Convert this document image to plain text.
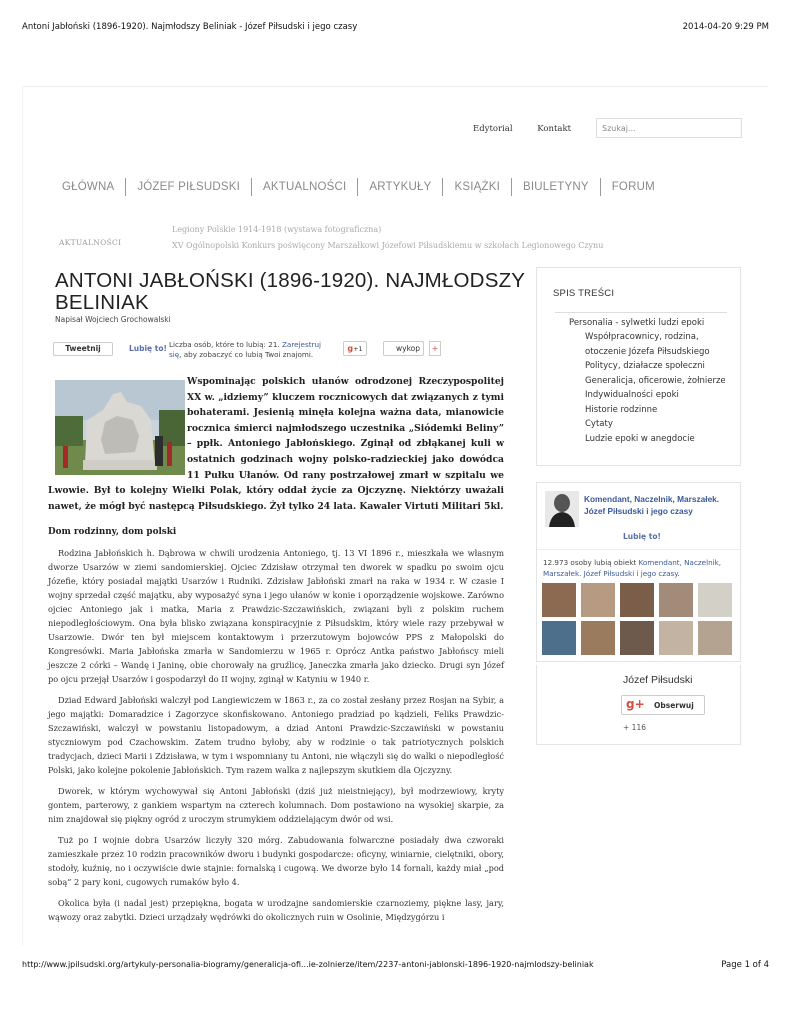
Antoni Jabłoński (1896-1920). Najmłodszy Beliniak - Józef Piłsudski i jego czasy	2014-04-20 9:29 PM
Edytorial	Kontakt	Szukaj...
GŁÓWNA	JÓZEF PIŁSUDSKI	AKTUALNOŚCI	ARTYKUŁY	KSIĄŻKI	BIULETYNY	FORUM
AKTUALNOŚCI
Legiony Polskie 1914-1918 (wystawa fotograficzna)
XV Ogólnopolski Konkurs poświęcony Marszałkowi Józefowi Piłsudskiemu w szkołach Legionowego Czynu
ANTONI JABŁOŃSKI (1896-1920). NAJMŁODSZY BELINIAK
Napisał Wojciech Grochowalski
Tweetnij	Lubię to! Liczba osób, które to lubią: 21. Zarejestruj się, aby zobaczyć co lubią Twoi znajomi.
g+1	wykop	+

Wspominając polskich ułanów odrodzonej Rzeczypospolitej XX w. „idziemy” kluczem rocznicowych dat związanych z tymi bohaterami. Jesienią minęła kolejna ważna data, mianowicie rocznica śmierci najmłodszego uczestnika „Siódemki Beliny” – ppłk. Antoniego Jabłońskiego. Zginął od zbłąkanej kuli w ostatnich godzinach wojny polsko-radzieckiej jako dowódca 11 Pułku Ułanów. Od rany postrzałowej zmarł w szpitalu we Lwowie. Był to kolejny Wielki Polak, który oddał życie za Ojczyznę. Niektórzy uważali nawet, że mógł być następcą Piłsudskiego. Żył tylko 24 lata. Kawaler Virtuti Militari 5kl.

Dom rodzinny, dom polski

Rodzina Jabłońskich h. Dąbrowa w chwili urodzenia Antoniego, tj. 13 VI 1896 r., mieszkała we własnym dworze Usarzów w ziemi sandomierskiej. Ojciec Zdzisław otrzymał ten dworek w spadku po swoim ojcu Józefie, który posiadał majątki Usarzów i Rudniki. Zdzisław Jabłoński zmarł na raka w 1934 r. W czasie I wojny sprzedał część majątku, aby wyposażyć syna i jego ułanów w konie i oporządzenie wojskowe. Zarówno ojciec Antoniego jak i matka, Maria z Prawdzic-Szczawińskich, związani byli z polskim ruchem niepodległościowym. Ona była blisko związana konspiracyjnie z Piłsudskim, który wiele razy przebywał w Usarzowie. Dwór ten był miejscem kontaktowym i przerzutowym bojowców PPS z Małopolski do Kongresówki. Maria Jabłońska zmarła w Sandomierzu w 1965 r. Oprócz Antka państwo Jabłońscy mieli jeszcze 2 córki – Wandę i Janinę, obie chorowały na gruźlicę, Janeczka zmarła jako dziecko. Drugi syn Józef po ojcu przejął Usarzów i gospodarzył do II wojny, zginął w Katyniu w 1940 r.

Dziad Edward Jabłoński walczył pod Langiewiczem w 1863 r., za co został zesłany przez Rosjan na Sybir, a jego majątki: Domaradzice i Zagorzyce skonfiskowano. Antoniego pradziad po kądzieli, Feliks Prawdzic-Szczawiński, walczył w powstaniu listopadowym, a dziad Antoni Prawdzic-Szczawiński w powstaniu styczniowym pod Czachowskim. Zatem trudno byłoby, aby w rodzinie o tak patriotycznych polskich tradycjach, dzieci Marii i Zdzisława, w tym i wspomniany tu Antoni, nie włączyli się do walki o niepodległość Polski, jako kolejne pokolenie Jabłońskich. Tym razem walka z najlepszym skutkiem dla Ojczyzny.

Dworek, w którym wychowywał się Antoni Jabłoński (dziś już nieistniejący), był modrzewiowy, kryty gontem, parterowy, z gankiem wspartym na czterech kolumnach. Dom postawiono na wysokiej skarpie, za nim znajdował się piękny ogród z uroczym strumykiem oddzielającym dwór od wsi.

Tuż po I wojnie dobra Usarzów liczyły 320 mórg. Zabudowania folwarczne posiadały dwa czworaki zamieszkałe przez 10 rodzin pracowników dworu i budynki gospodarcze: oficyny, winiarnie, cielętniki, obory, stodoły, kuźnię, no i oczywiście dwie stajnie: fornalską i cugową. We dworze było 14 fornali, każdy miał „pod sobą” 2 pary koni, cugowych rumaków było 4.

Okolica była (i nadal jest) przepiękna, bogata w urodzajne sandomierskie czarnoziemy, piękne lasy, jary, wąwozy oraz zabytki. Dzieci urządzały wędrówki do okolicznych ruin w Osolinie, Międzygórzu i

SPIS TREŚCI
Personalia - sylwetki ludzi epoki
Współpracownicy, rodzina, otoczenie Józefa Piłsudskiego
Politycy, działacze społeczni
Generalicja, oficerowie, żołnierze
Indywidualności epoki
Historie rodzinne
Cytaty
Ludzie epoki w anegdocie
Komendant, Naczelnik, Marszałek. Józef Piłsudski i jego czasy
Lubię to!
12.973 osoby lubią obiekt Komendant, Naczelnik, Marszałek. Józef Piłsudski i jego czasy.
Józef Piłsudski
g+ Obserwuj
+ 116
http://www.jpilsudski.org/artykuly-personalia-biogramy/generalicja-ofi...ie-zolnierze/item/2237-antoni-jablonski-1896-1920-najmlodszy-beliniak	Page 1 of 4
